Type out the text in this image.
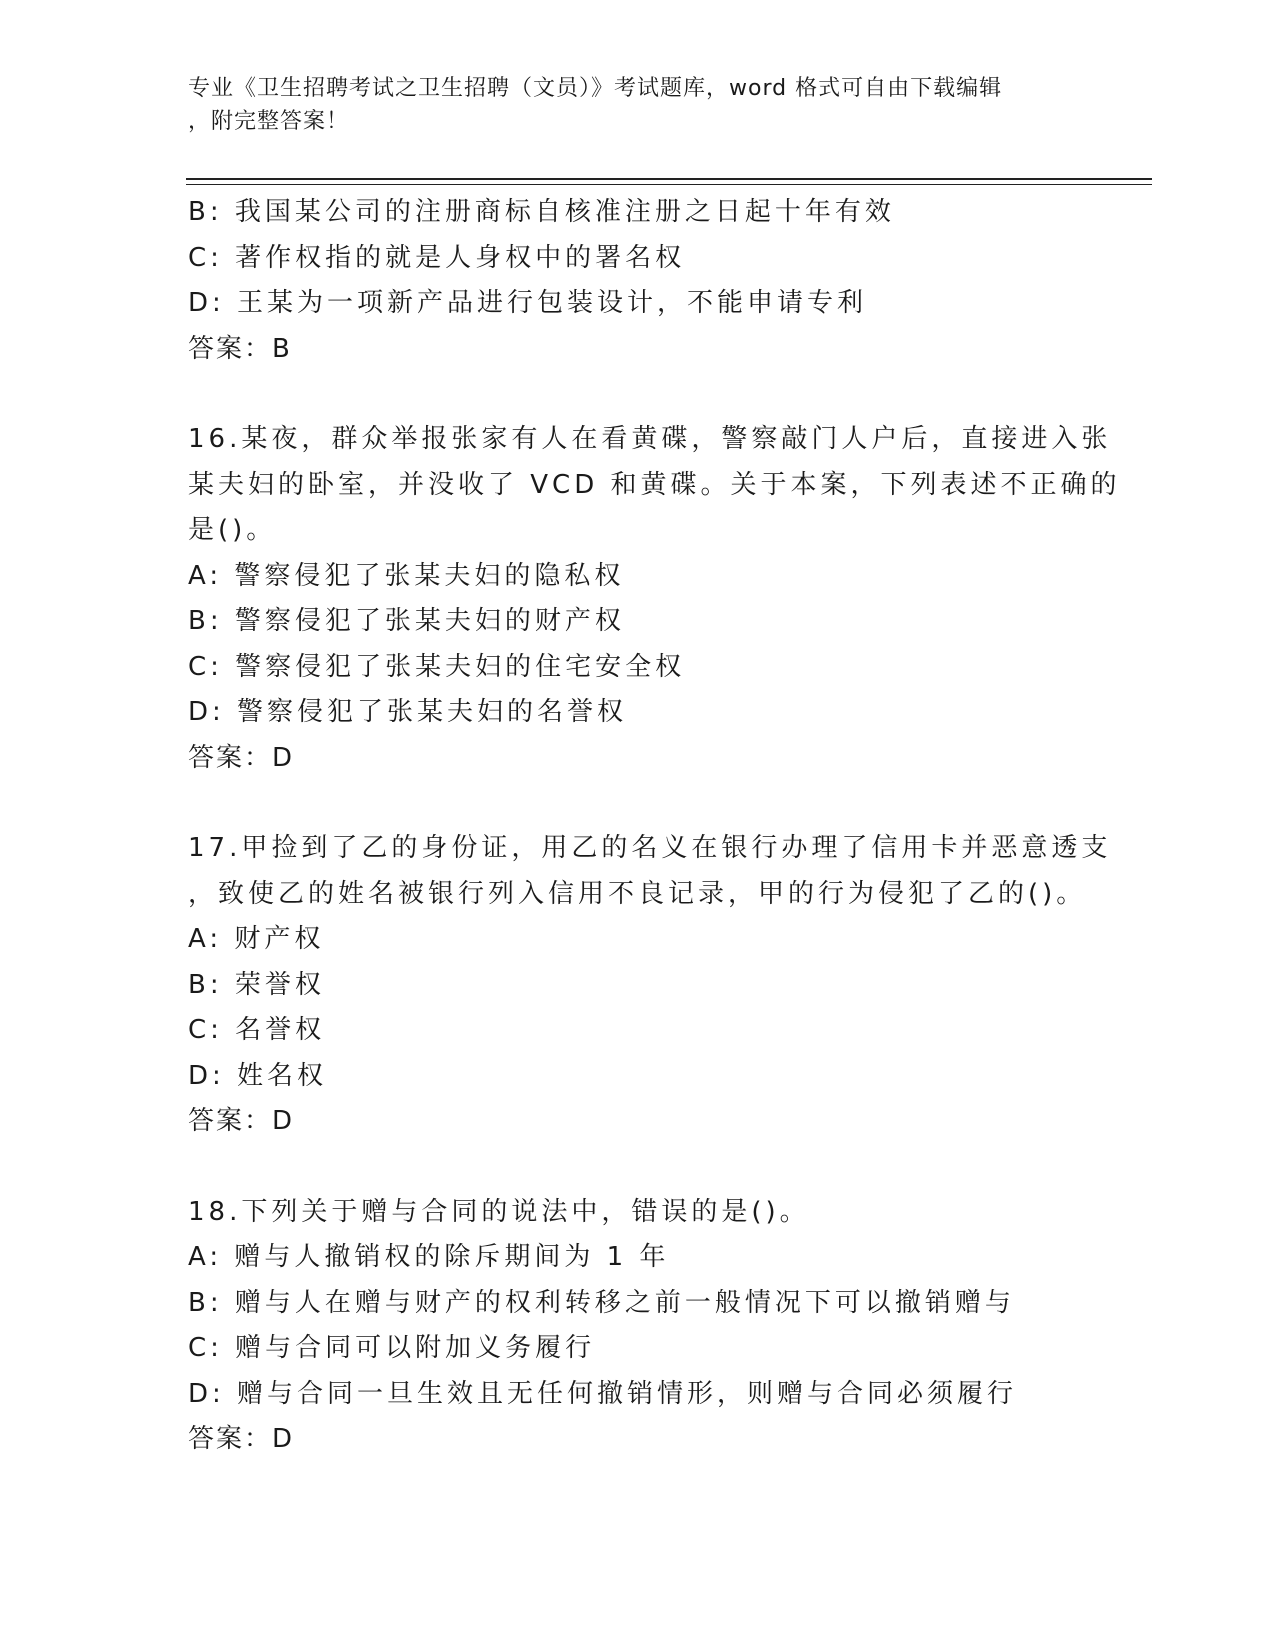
专业《卫生招聘考试之卫生招聘（文员）》考试题库，word 格式可自由下载编辑
，附完整答案！
B: 我国某公司的注册商标自核准注册之日起十年有效
C: 著作权指的就是人身权中的署名权
D: 王某为一项新产品进行包装设计，不能申请专利
答案：B
16.某夜，群众举报张家有人在看黄碟，警察敲门人户后，直接进入张
某夫妇的卧室，并没收了 VCD 和黄碟。关于本案，下列表述不正确的
是()。
A: 警察侵犯了张某夫妇的隐私权
B: 警察侵犯了张某夫妇的财产权
C: 警察侵犯了张某夫妇的住宅安全权
D: 警察侵犯了张某夫妇的名誉权
答案：D
17.甲捡到了乙的身份证，用乙的名义在银行办理了信用卡并恶意透支
，致使乙的姓名被银行列入信用不良记录，甲的行为侵犯了乙的()。
A: 财产权
B: 荣誉权
C: 名誉权
D: 姓名权
答案：D
18.下列关于赠与合同的说法中，错误的是()。
A: 赠与人撤销权的除斥期间为 1 年
B: 赠与人在赠与财产的权利转移之前一般情况下可以撤销赠与
C: 赠与合同可以附加义务履行
D: 赠与合同一旦生效且无任何撤销情形，则赠与合同必须履行
答案：D
